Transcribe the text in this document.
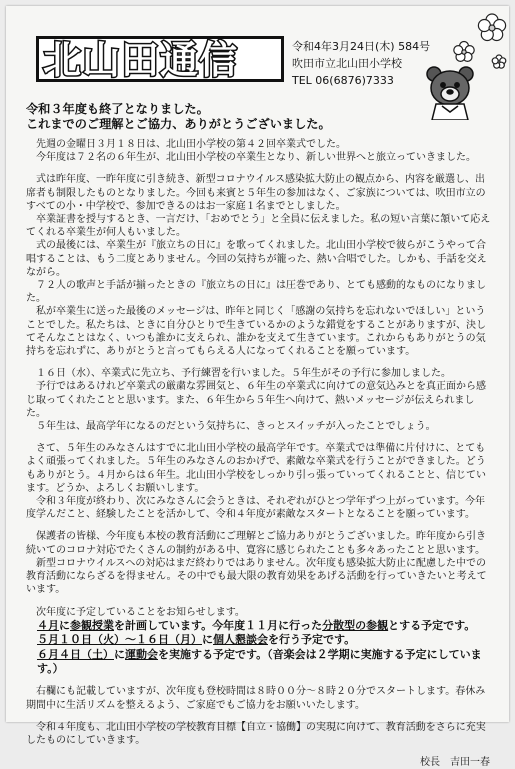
北山田通信	令和4年3月24日(木) 584号
吹田市立北山田小学校
TEL 06(6876)7333

令和３年度も終了となりました。

これまでのご理解とご協力、ありがとうございました。

先週の金曜日３月１８日は、北山田小学校の第４２回卒業式でした。

今年度は７２名の６年生が、北山田小学校の卒業生となり、新しい世界へと旅立っていきました。

式は昨年度、一昨年度に引き続き、新型コロナウイルス感染拡大防止の観点から、内容を厳選し、出席者も制限したものとなりました。今回も来賓と５年生の参加はなく、ご家族については、吹田市立のすべての小・中学校で、参加できるのはお一家庭１名までとしました。

卒業証書を授与するとき、一言だけ、「おめでとう」と全員に伝えました。私の短い言葉に頷いて応えてくれる卒業生が何人もいました。

式の最後には、卒業生が『旅立ちの日に』を歌ってくれました。北山田小学校で彼らがこうやって合唱することは、もう二度とありません。今回の気持ちが籠った、熱い合唱でした。しかも、手話を交えながら。

７２人の歌声と手話が揃ったときの『旅立ちの日に』は圧巻であり、とても感動的なものになりました。

私が卒業生に送った最後のメッセージは、昨年と同じく「感謝の気持ちを忘れないでほしい」ということでした。私たちは、ときに自分ひとりで生きているかのような錯覚をすることがありますが、決してそんなことはなく、いつも誰かに支えられ、誰かを支えて生きています。これからもありがとうの気持ちを忘れずに、ありがとうと言ってもらえる人になってくれることを願っています。

１６日（水）、卒業式に先立ち、予行練習を行いました。５年生がその予行に参加しました。

予行ではあるけれど卒業式の厳粛な雰囲気と、６年生の卒業式に向けての意気込みとを真正面から感じ取ってくれたことと思います。また、６年生から５年生へ向けて、熱いメッセージが伝えられました。

５年生は、最高学年になるのだという気持ちに、きっとスイッチが入ったことでしょう。

さて、５年生のみなさんはすでに北山田小学校の最高学年です。卒業式では準備に片付けに、とてもよく頑張ってくれました。５年生のみなさんのおかげで、素敵な卒業式を行うことができました。どうもありがとう。４月からは６年生。北山田小学校をしっかり引っ張っていってくれることと、信じています。どうか、よろしくお願いします。

令和３年度が終わり、次にみなさんに会うときは、それぞれがひとつ学年ずつ上がっています。今年度学んだこと、経験したことを活かして、令和４年度が素敵なスタートとなることを願っています。

保護者の皆様、今年度も本校の教育活動にご理解とご協力ありがとうございました。昨年度から引き続いてのコロナ対応でたくさんの制約がある中、寛容に感じられたことも多々あったことと思います。

新型コロナウイルスへの対応はまだ終わりではありません。次年度も感染拡大防止に配慮した中での教育活動にならざるを得ません。その中でも最大限の教育効果をあげる活動を行っていきたいと考えています。

次年度に予定していることをお知らせします。

４月に参観授業を計画しています。今年度１１月に行った分散型の参観とする予定です。

５月１０日（火）～１６日（月）に個人懇談会を行う予定です。

６月４日（土）に運動会を実施する予定です。（音楽会は２学期に実施する予定にしています。）

右欄にも記載していますが、次年度も登校時間は８時００分～８時２０分でスタートします。春休み期間中に生活リズムを整えるよう、ご家庭でもご協力をお願いいたします。

令和４年度も、北山田小学校の学校教育目標【自立・協働】の実現に向けて、教育活動をさらに充実したものにしていきます。

校長　吉田一春
